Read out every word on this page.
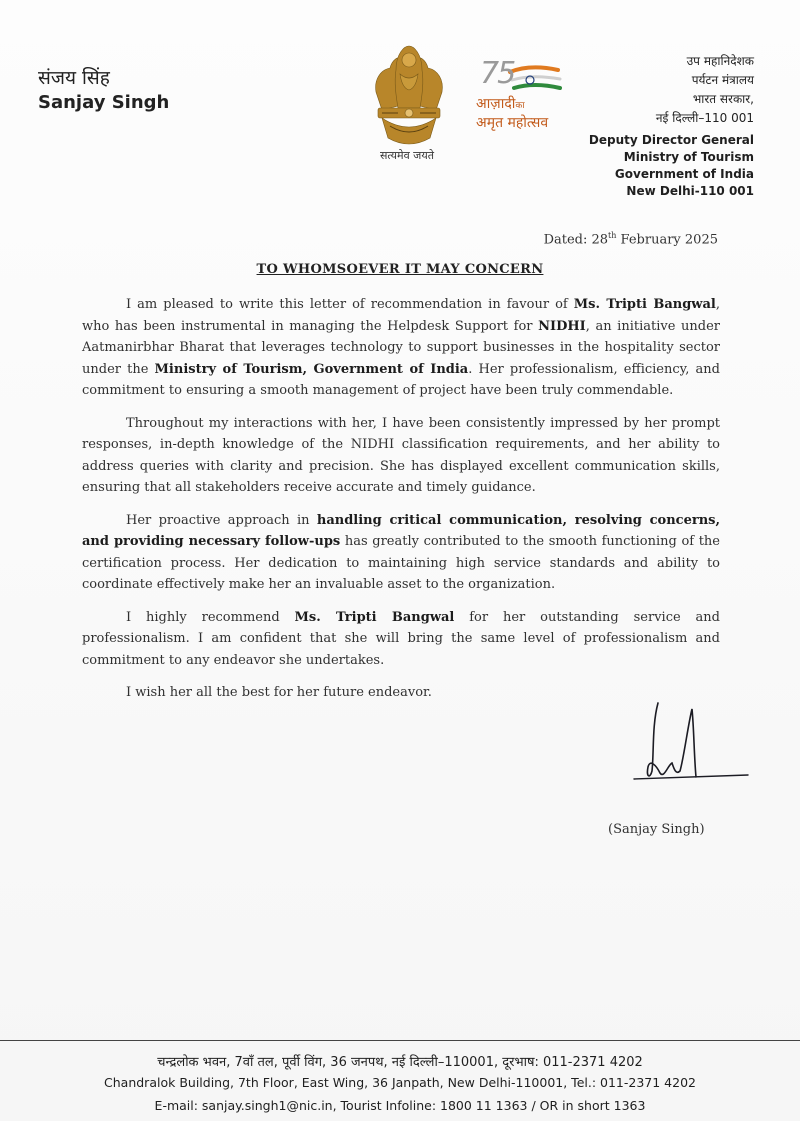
संजय सिंह
Sanjay Singh
सत्यमेव जयते
75
आज़ादीका
अमृत महोत्सव
उप महानिदेशक
पर्यटन मंत्रालय
भारत सरकार,
नई दिल्ली–110 001
Deputy Director General
Ministry of Tourism
Government of India
New Delhi-110 001
Dated: 28th February 2025
TO WHOMSOEVER IT MAY CONCERN

I am pleased to write this letter of recommendation in favour of Ms. Tripti Bangwal, who has been instrumental in managing the Helpdesk Support for NIDHI, an initiative under Aatmanirbhar Bharat that leverages technology to support businesses in the hospitality sector under the Ministry of Tourism, Government of India. Her professionalism, efficiency, and commitment to ensuring a smooth management of project have been truly commendable.

Throughout my interactions with her, I have been consistently impressed by her prompt responses, in-depth knowledge of the NIDHI classification requirements, and her ability to address queries with clarity and precision. She has displayed excellent communication skills, ensuring that all stakeholders receive accurate and timely guidance.

Her proactive approach in handling critical communication, resolving concerns, and providing necessary follow-ups has greatly contributed to the smooth functioning of the certification process. Her dedication to maintaining high service standards and ability to coordinate effectively make her an invaluable asset to the organization.

I highly recommend Ms. Tripti Bangwal for her outstanding service and professionalism. I am confident that she will bring the same level of professionalism and commitment to any endeavor she undertakes.

I wish her all the best for her future endeavor.

(Sanjay Singh)
चन्द्रलोक भवन, 7वाँ तल, पूर्वी विंग, 36 जनपथ, नई दिल्ली–110001, दूरभाष: 011-2371 4202
Chandralok Building, 7th Floor, East Wing, 36 Janpath, New Delhi-110001, Tel.: 011-2371 4202
E-mail: sanjay.singh1@nic.in, Tourist Infoline: 1800 11 1363 / OR in short 1363
